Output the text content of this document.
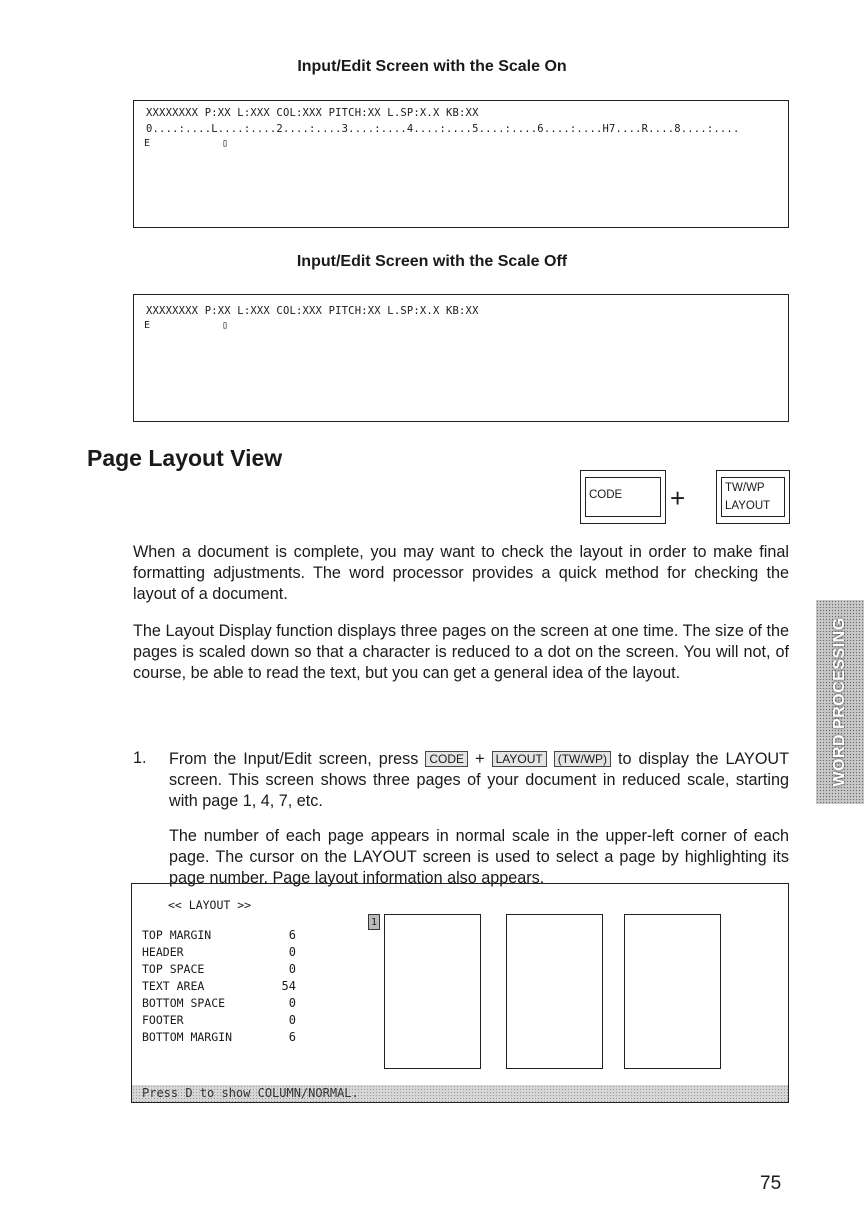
Input/Edit Screen with the Scale On
XXXXXXXX P:XX L:XXX COL:XXX PITCH:XX L.SP:X.X KB:XX
0....:....L....:....2....:....3....:....4....:....5....:....6....:....H7....R....8....:....
E	▯
Input/Edit Screen with the Scale Off
XXXXXXXX P:XX L:XXX COL:XXX PITCH:XX L.SP:X.X KB:XX
E	▯
Page Layout View
CODE +	TW/WP
LAYOUT
When a document is complete, you may want to check the layout in order to make final formatting adjustments. The word processor provides a quick method for checking the layout of a document.
The Layout Display function displays three pages on the screen at one time. The size of the pages is scaled down so that a character is reduced to a dot on the screen. You will not, of course, be able to read the text, but you can get a general idea of the layout.
1. From the Input/Edit screen, press CODE + LAYOUT (TW/WP) to display the LAYOUT screen. This screen shows three pages of your document in reduced scale, starting with page 1, 4, 7, etc.
The number of each page appears in normal scale in the upper-left corner of each page. The cursor on the LAYOUT screen is used to select a page by highlighting its page number. Page layout information also appears.
<< LAYOUT >>
TOP MARGIN	6
HEADER	0
TOP SPACE	0
TEXT AREA	54
BOTTOM SPACE	0
FOOTER	0
BOTTOM MARGIN	6
1
Press D to show COLUMN/NORMAL.
WORD PROCESSING
75
